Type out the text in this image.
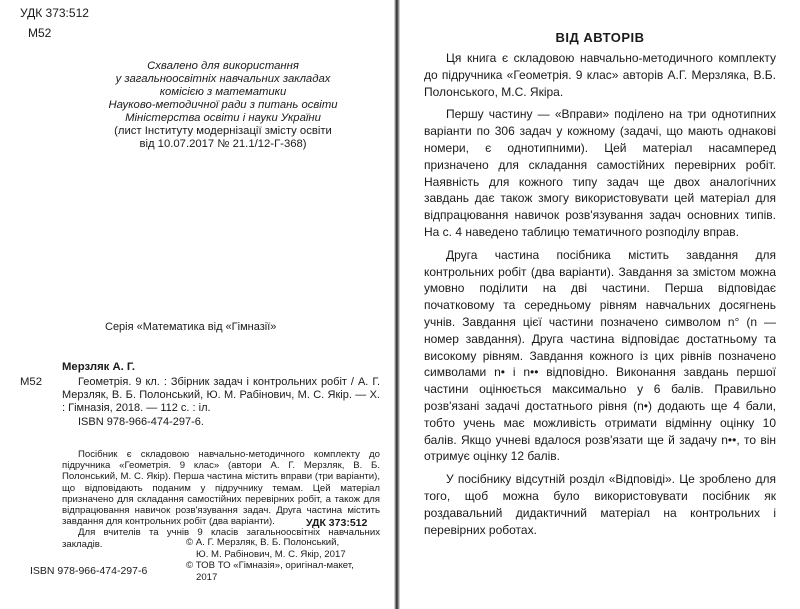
УДК 373:512
М52
Схвалено для використання
у загальноосвітніх навчальних закладах
комісією з математики
Науково-методичної ради з питань освіти
Міністерства освіти і науки України
(лист Інституту модернізації змісту освіти
від 10.07.2017 № 21.1/12-Г-368)
Серія «Математика від «Гімназії»
Мерзляк А. Г.
М52	Геометрія. 9 кл. : Збірник задач і контрольних робіт / А. Г. Мерзляк, В. Б. Полонський, Ю. М. Рабінович, М. С. Якір. — Х. : Гімназія, 2018. — 112 с. : іл.
ISBN 978-966-474-297-6.

Посібник є складовою навчально-методичного комплекту до підручника «Геометрія. 9 клас» (автори А. Г. Мерзляк, В. Б. Полонський, М. С. Якір). Перша частина містить вправи (три варіанти), що відповідають поданим у підручнику темам. Цей матеріал призначено для складання самостійних перевірних робіт, а також для відпрацювання навичок розв'язування задач. Друга частина містить завдання для контрольних робіт (два варіанти).

Для вчителів та учнів 9 класів загальноосвітніх навчальних закладів.

УДК 373:512
© А. Г. Мерзляк, В. Б. Полонський,
Ю. М. Рабінович, М. С. Якір, 2017
© ТОВ ТО «Гімназія», оригінал-макет,
2017
ISBN 978-966-474-297-6
ВІД АВТОРІВ

Ця книга є складовою навчально-методичного комплекту до підручника «Геометрія. 9 клас» авторів А.Г. Мерзляка, В.Б. Полонського, М.С. Якіра.

Першу частину — «Вправи» поділено на три однотипних варіанти по 306 задач у кожному (задачі, що мають однакові номери, є однотипними). Цей матеріал насамперед призначено для складання самостійних перевірних робіт. Наявність для кожного типу задач ще двох аналогічних завдань дає також змогу використовувати цей матеріал для відпрацювання навичок розв'язування задач основних типів. На с. 4 наведено таблицю тематичного розподілу вправ.

Друга частина посібника містить завдання для контрольних робіт (два варіанти). Завдання за змістом можна умовно поділити на дві частини. Перша відповідає початковому та середньому рівням навчальних досягнень учнів. Завдання цієї частини позначено символом n° (n — номер завдання). Друга частина відповідає достатньому та високому рівням. Завдання кожного із цих рівнів позначено символами n• і n•• відповідно. Виконання завдань першої частини оцінюється максимально у 6 балів. Правильно розв'язані задачі достатнього рівня (n•) додають ще 4 бали, тобто учень має можливість отримати відмінну оцінку 10 балів. Якщо учневі вдалося розв'язати ще й задачу n••, то він отримує оцінку 12 балів.

У посібнику відсутній розділ «Відповіді». Це зроблено для того, щоб можна було використовувати посібник як роздавальний дидактичний матеріал на контрольних і перевірних роботах.
